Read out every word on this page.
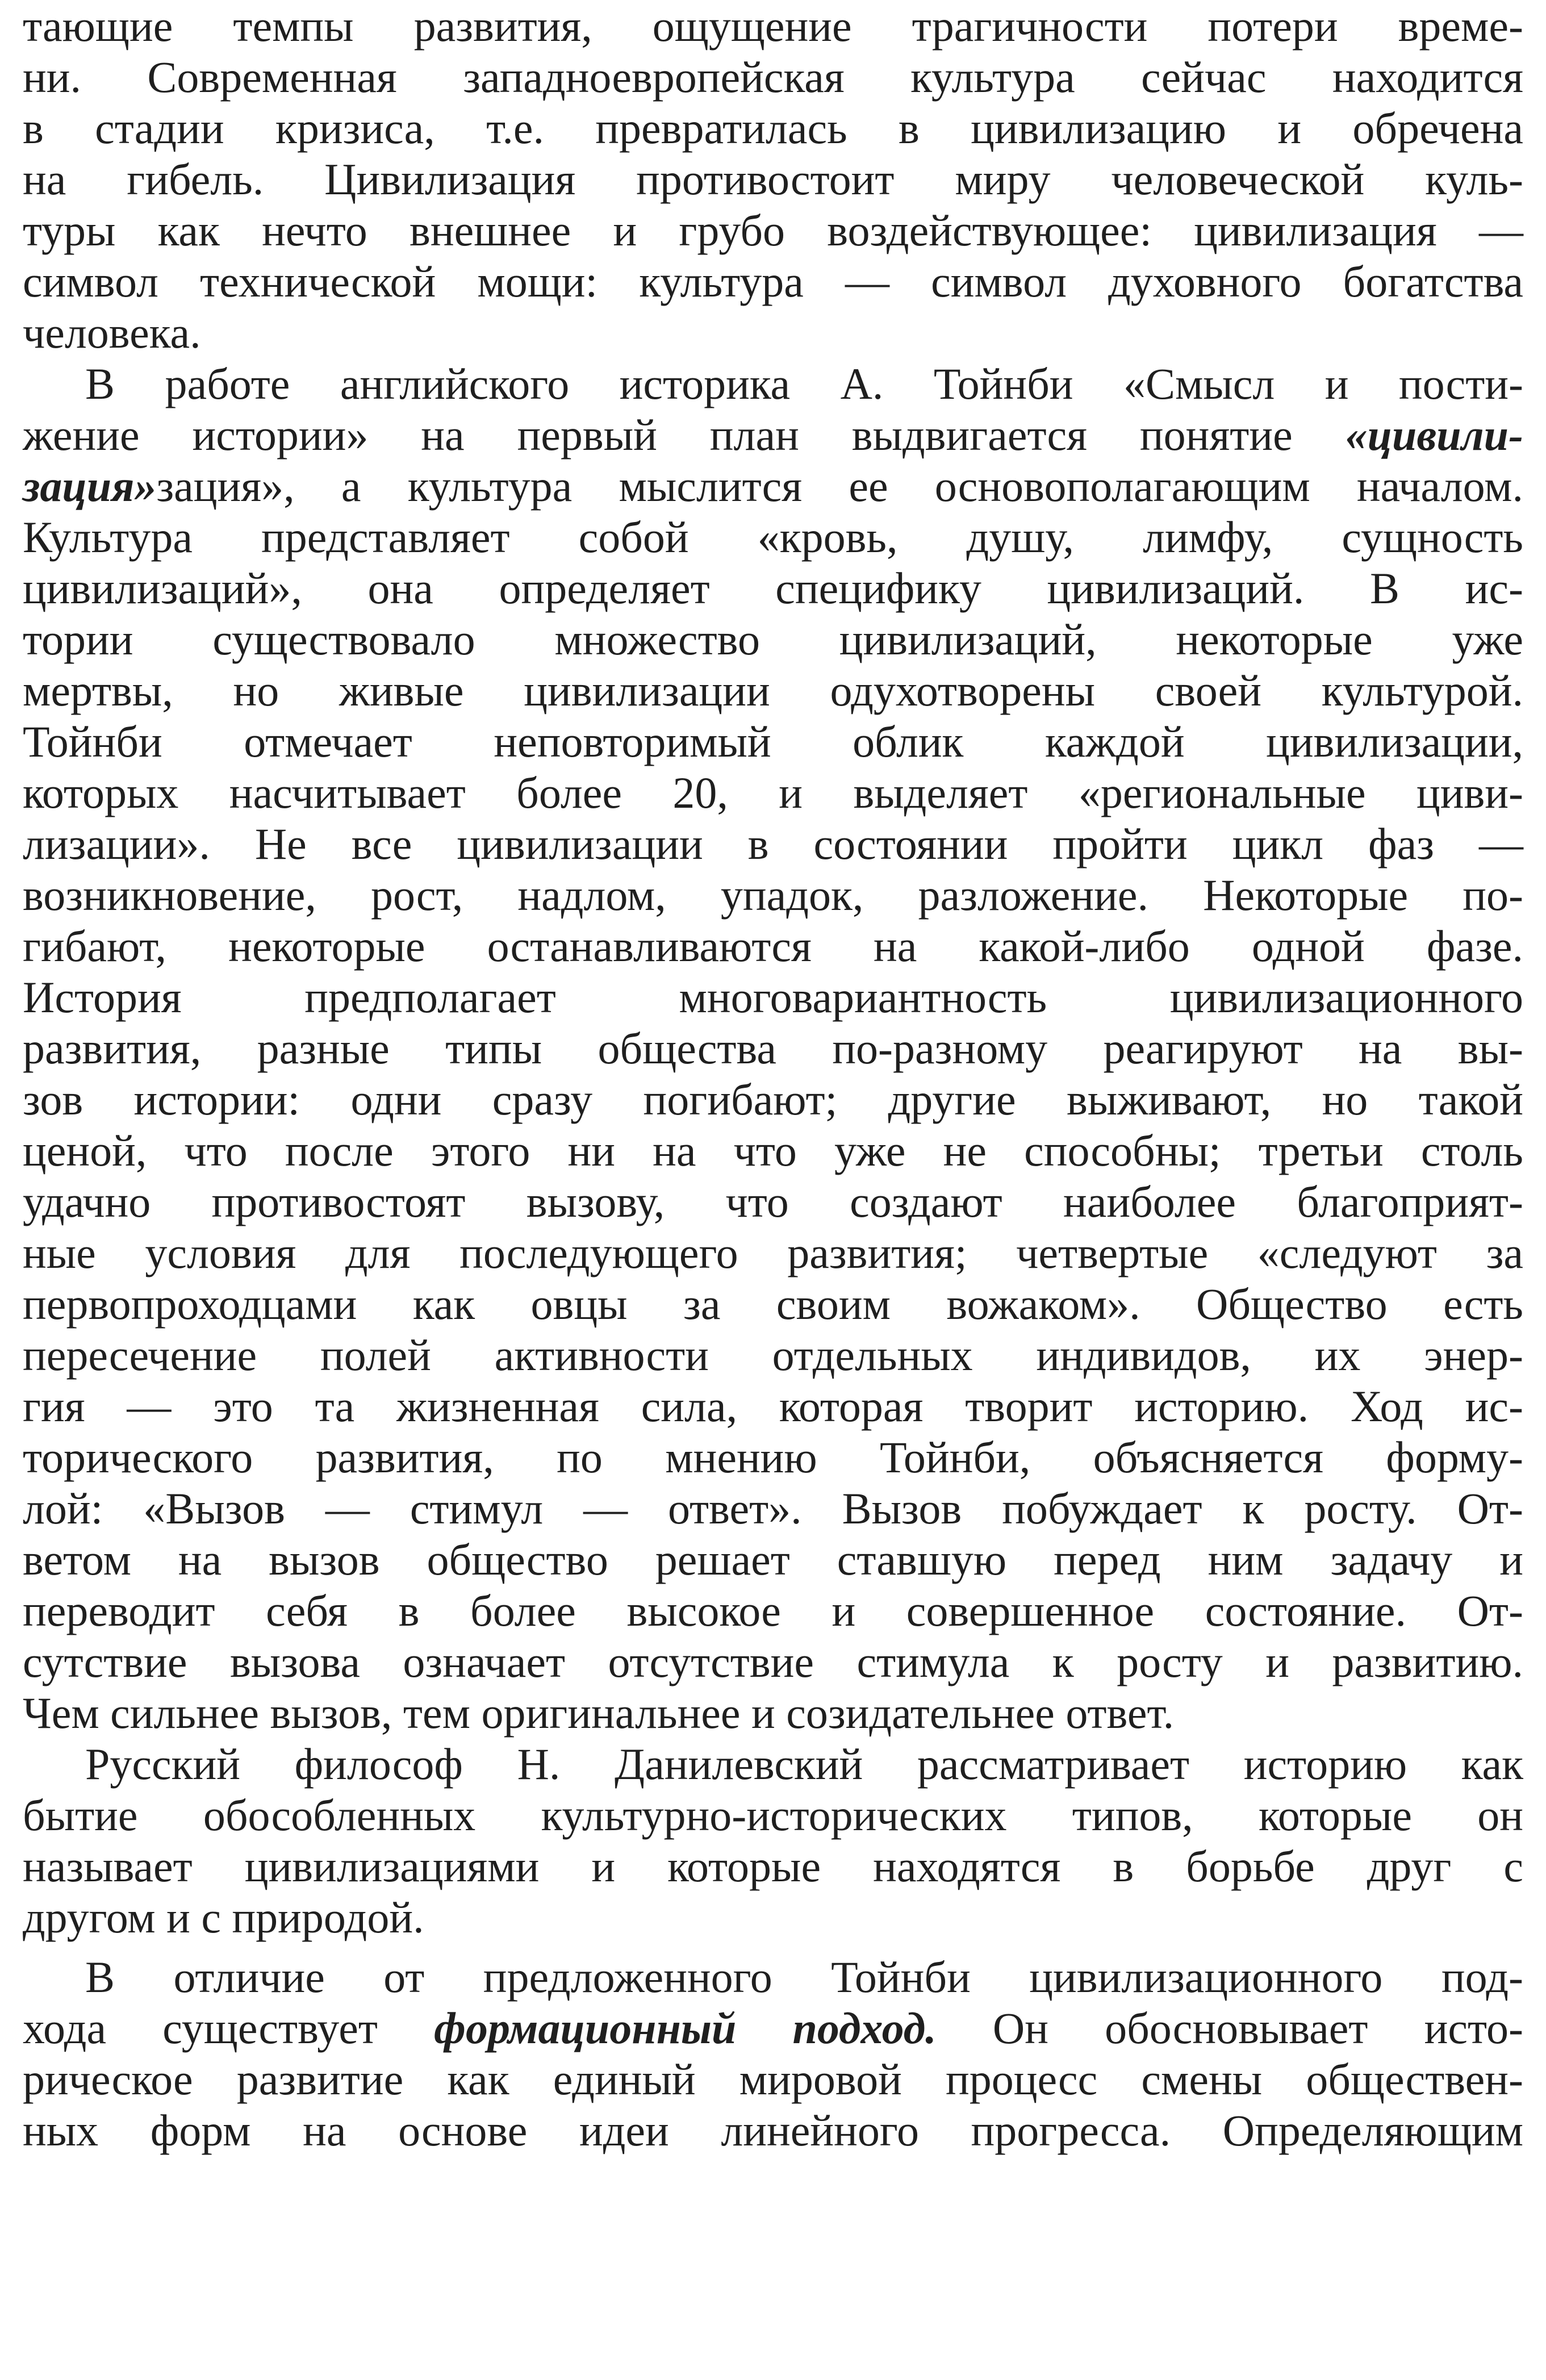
тающие темпы развития, ощущение трагичности потери време-
ни. Современная западноевропейская культура сейчас находится
в стадии кризиса, т.е. превратилась в цивилизацию и обречена
на гибель. Цивилизация противостоит миру человеческой куль-
туры как нечто внешнее и грубо воздействующее: цивилизация —
символ технической мощи: культура — символ духовного богатства
человека.
В работе английского историка А. Тойнби «Смысл и пости-
жение истории» на первый план выдвигается понятие «цивили-
зация»зация», а культура мыслится ее основополагающим началом.
Культура представляет собой «кровь, душу, лимфу, сущность
цивилизаций», она определяет специфику цивилизаций. В ис-
тории существовало множество цивилизаций, некоторые уже
мертвы, но живые цивилизации одухотворены своей культурой.
Тойнби отмечает неповторимый облик каждой цивилизации,
которых насчитывает более 20, и выделяет «региональные циви-
лизации». Не все цивилизации в состоянии пройти цикл фаз —
возникновение, рост, надлом, упадок, разложение. Некоторые по-
гибают, некоторые останавливаются на какой-либо одной фазе.
История предполагает многовариантность цивилизационного
развития, разные типы общества по-разному реагируют на вы-
зов истории: одни сразу погибают; другие выживают, но такой
ценой, что после этого ни на что уже не способны; третьи столь
удачно противостоят вызову, что создают наиболее благоприят-
ные условия для последующего развития; четвертые «следуют за
первопроходцами как овцы за своим вожаком». Общество есть
пересечение полей активности отдельных индивидов, их энер-
гия — это та жизненная сила, которая творит историю. Ход ис-
торического развития, по мнению Тойнби, объясняется форму-
лой: «Вызов — стимул — ответ». Вызов побуждает к росту. От-
ветом на вызов общество решает ставшую перед ним задачу и
переводит себя в более высокое и совершенное состояние. От-
сутствие вызова означает отсутствие стимула к росту и развитию.
Чем сильнее вызов, тем оригинальнее и созидательнее ответ.
Русский философ Н. Данилевский рассматривает историю как
бытие обособленных культурно-исторических типов, которые он
называет цивилизациями и которые находятся в борьбе друг с
другом и с природой.
В отличие от предложенного Тойнби цивилизационного под-
хода существует формационный подход. Он обосновывает исто-
рическое развитие как единый мировой процесс смены обществен-
ных форм на основе идеи линейного прогресса. Определяющим
